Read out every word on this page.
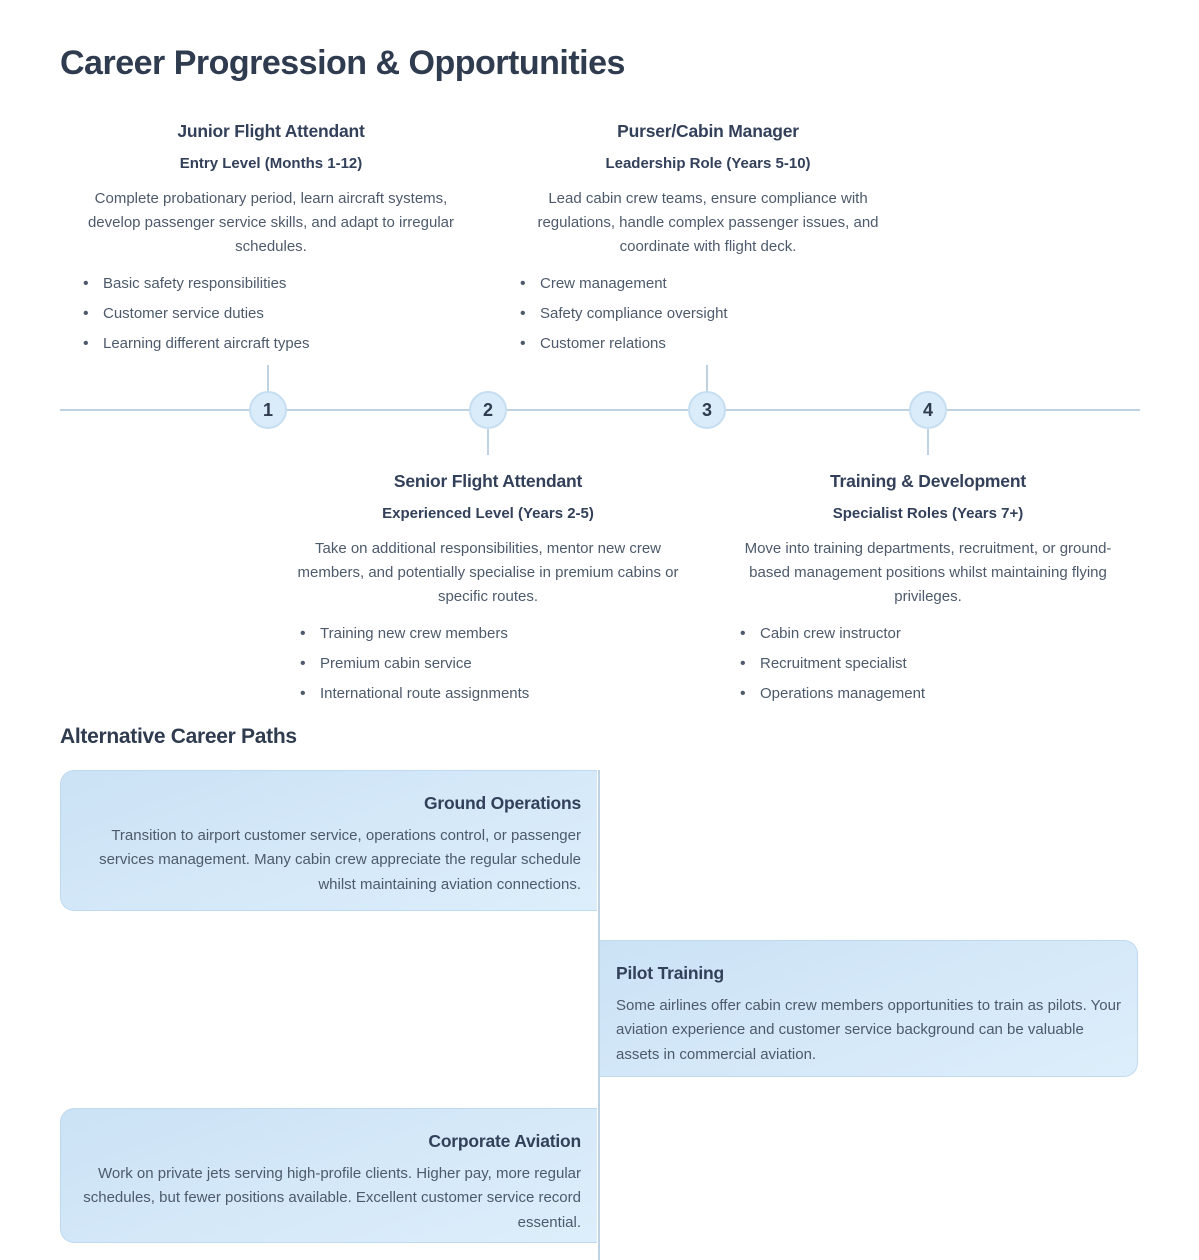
Career Progression & Opportunities
Junior Flight Attendant
Entry Level (Months 1-12)
Complete probationary period, learn aircraft systems, develop passenger service skills, and adapt to irregular schedules.
• Basic safety responsibilities
• Customer service duties
• Learning different aircraft types
Purser/Cabin Manager
Leadership Role (Years 5-10)
Lead cabin crew teams, ensure compliance with regulations, handle complex passenger issues, and coordinate with flight deck.
• Crew management
• Safety compliance oversight
• Customer relations
1	2	3	4
Senior Flight Attendant
Experienced Level (Years 2-5)
Take on additional responsibilities, mentor new crew members, and potentially specialise in premium cabins or specific routes.
• Training new crew members
• Premium cabin service
• International route assignments
Training & Development
Specialist Roles (Years 7+)
Move into training departments, recruitment, or ground-based management positions whilst maintaining flying privileges.
• Cabin crew instructor
• Recruitment specialist
• Operations management
Alternative Career Paths
Ground Operations
Transition to airport customer service, operations control, or passenger services management. Many cabin crew appreciate the regular schedule whilst maintaining aviation connections.
Pilot Training
Some airlines offer cabin crew members opportunities to train as pilots. Your aviation experience and customer service background can be valuable assets in commercial aviation.
Corporate Aviation
Work on private jets serving high-profile clients. Higher pay, more regular schedules, but fewer positions available. Excellent customer service record essential.
